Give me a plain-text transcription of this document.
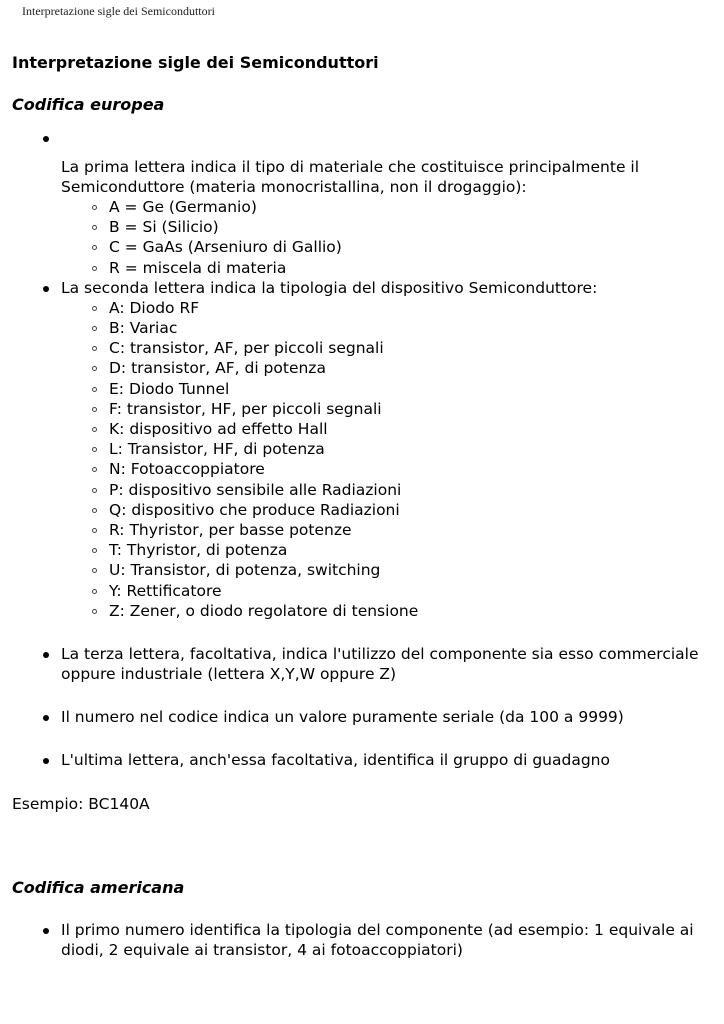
Interpretazione sigle dei Semiconduttori
Interpretazione sigle dei Semiconduttori
Codifica europea
La prima lettera indica il tipo di materiale che costituisce principalmente il Semiconduttore (materia monocristallina, non il drogaggio):
A = Ge (Germanio)
B = Si (Silicio)
C = GaAs (Arseniuro di Gallio)
R = miscela di materia
La seconda lettera indica la tipologia del dispositivo Semiconduttore:
A: Diodo RF
B: Variac
C: transistor, AF, per piccoli segnali
D: transistor, AF, di potenza
E: Diodo Tunnel
F: transistor, HF, per piccoli segnali
K: dispositivo ad effetto Hall
L: Transistor, HF, di potenza
N: Fotoaccoppiatore
P: dispositivo sensibile alle Radiazioni
Q: dispositivo che produce Radiazioni
R: Thyristor, per basse potenze
T: Thyristor, di potenza
U: Transistor, di potenza, switching
Y: Rettificatore
Z: Zener, o diodo regolatore di tensione
La terza lettera, facoltativa, indica l'utilizzo del componente sia esso commerciale oppure industriale (lettera X,Y,W oppure Z)
Il numero nel codice indica un valore puramente seriale (da 100 a 9999)
L'ultima lettera, anch'essa facoltativa, identifica il gruppo di guadagno

Esempio: BC140A

Codifica americana
Il primo numero identifica la tipologia del componente (ad esempio: 1 equivale ai diodi, 2 equivale ai transistor, 4 ai fotoaccoppiatori)
